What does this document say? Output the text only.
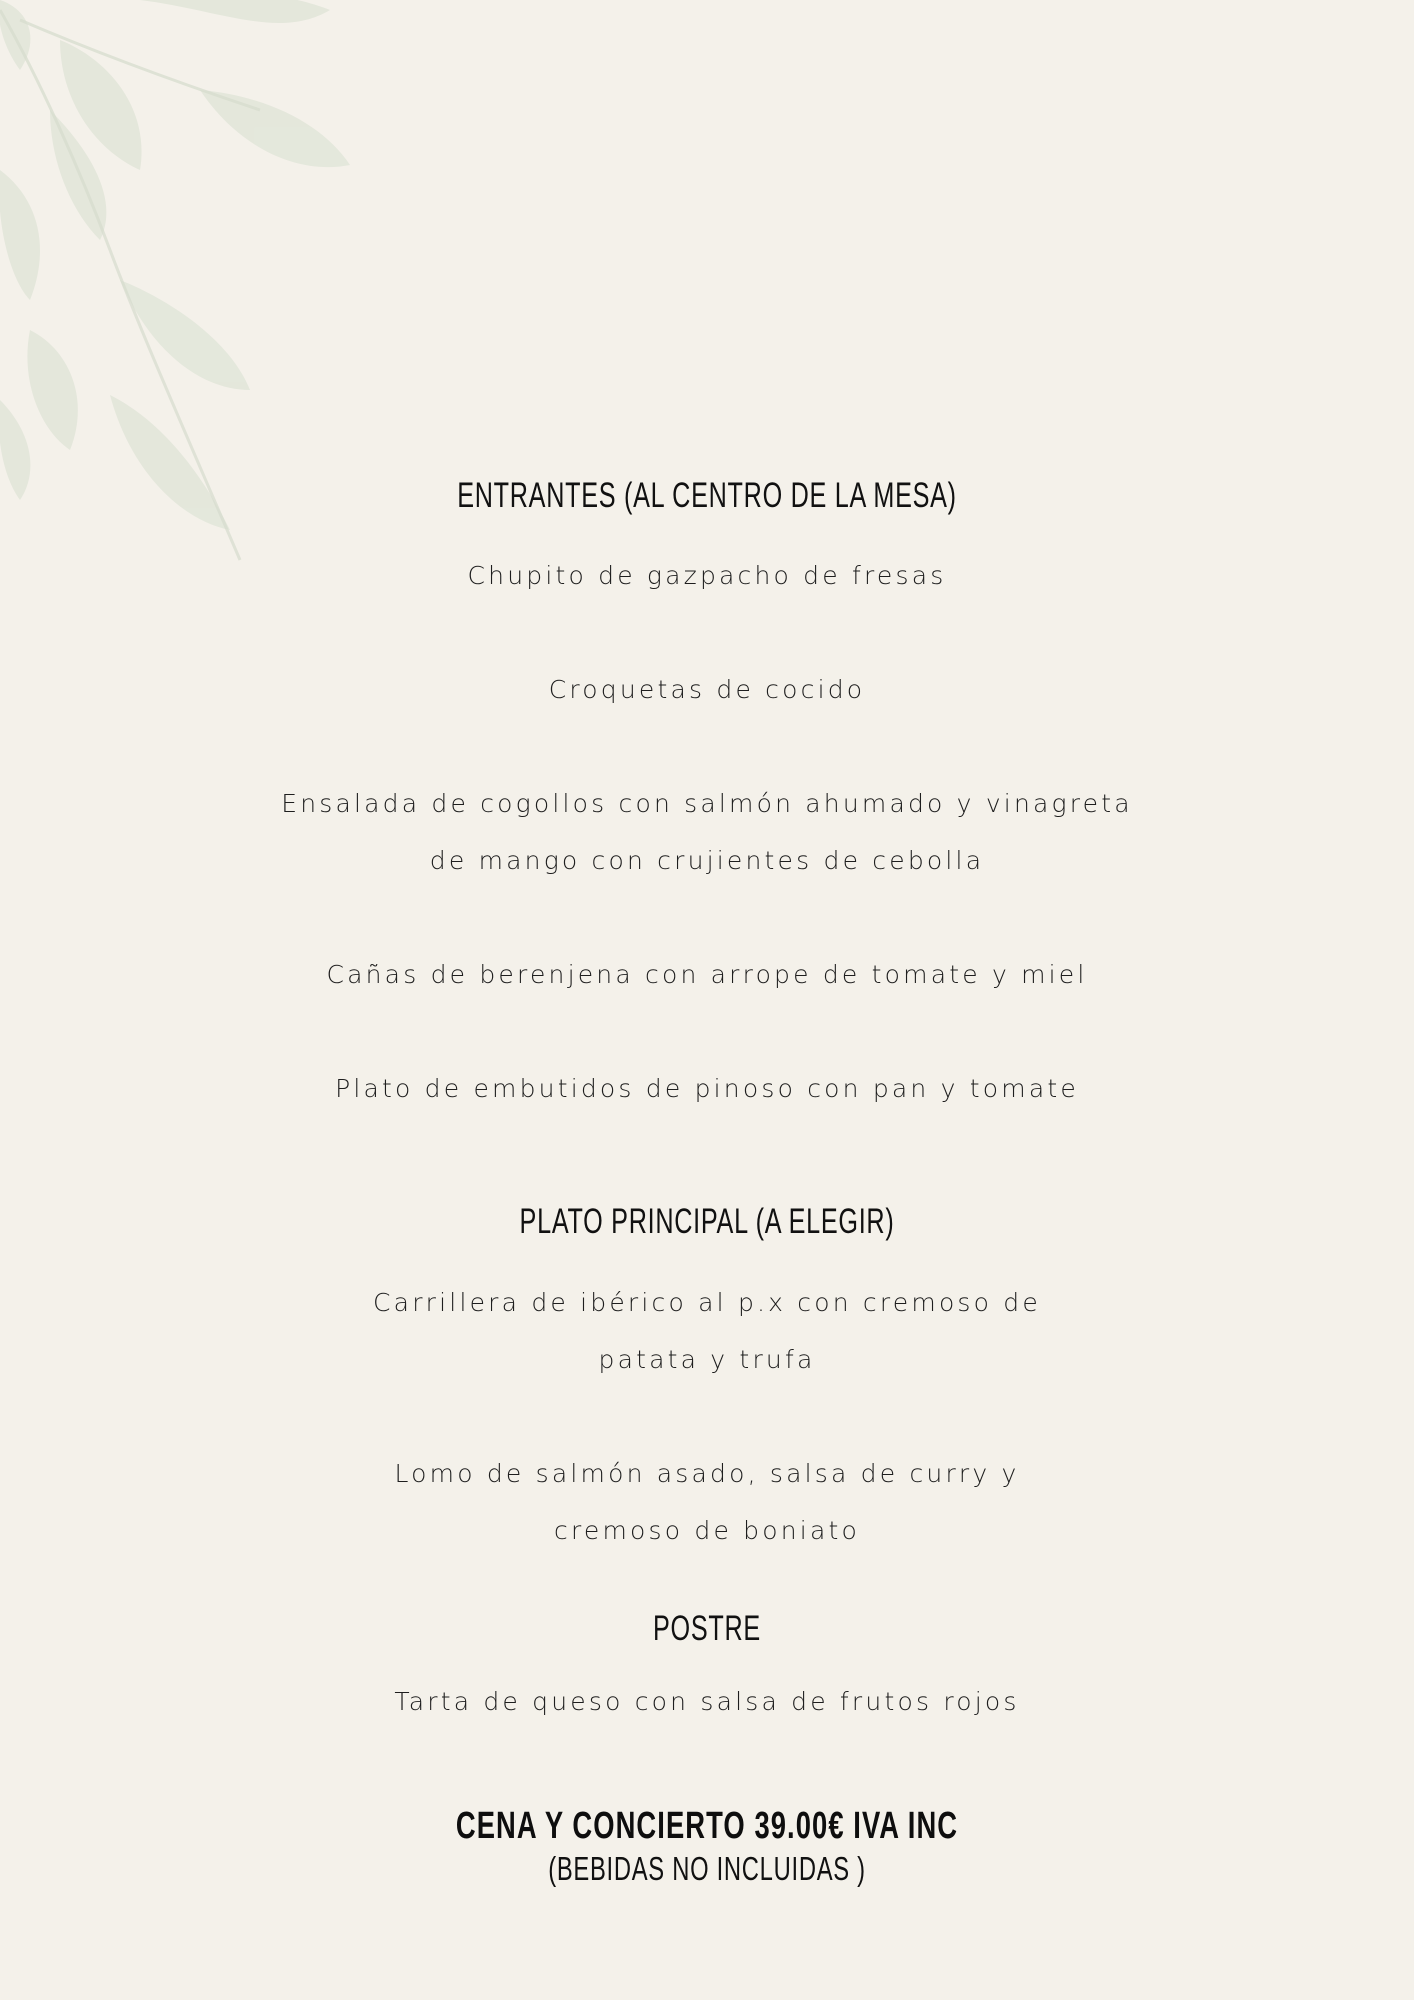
ENTRANTES (AL CENTRO DE LA MESA)
Chupito de gazpacho de fresas
Croquetas de cocido
Ensalada de cogollos con salmón ahumado y vinagreta
de mango con crujientes de cebolla
Cañas de berenjena con arrope de tomate y miel
Plato de embutidos de pinoso con pan y tomate
PLATO PRINCIPAL (A ELEGIR)
Carrillera de ibérico al p.x con cremoso de
patata y trufa
Lomo de salmón asado, salsa de curry y
cremoso de boniato
POSTRE
Tarta de queso con salsa de frutos rojos
CENA Y CONCIERTO 39.00€ IVA INC
(BEBIDAS NO INCLUIDAS )
